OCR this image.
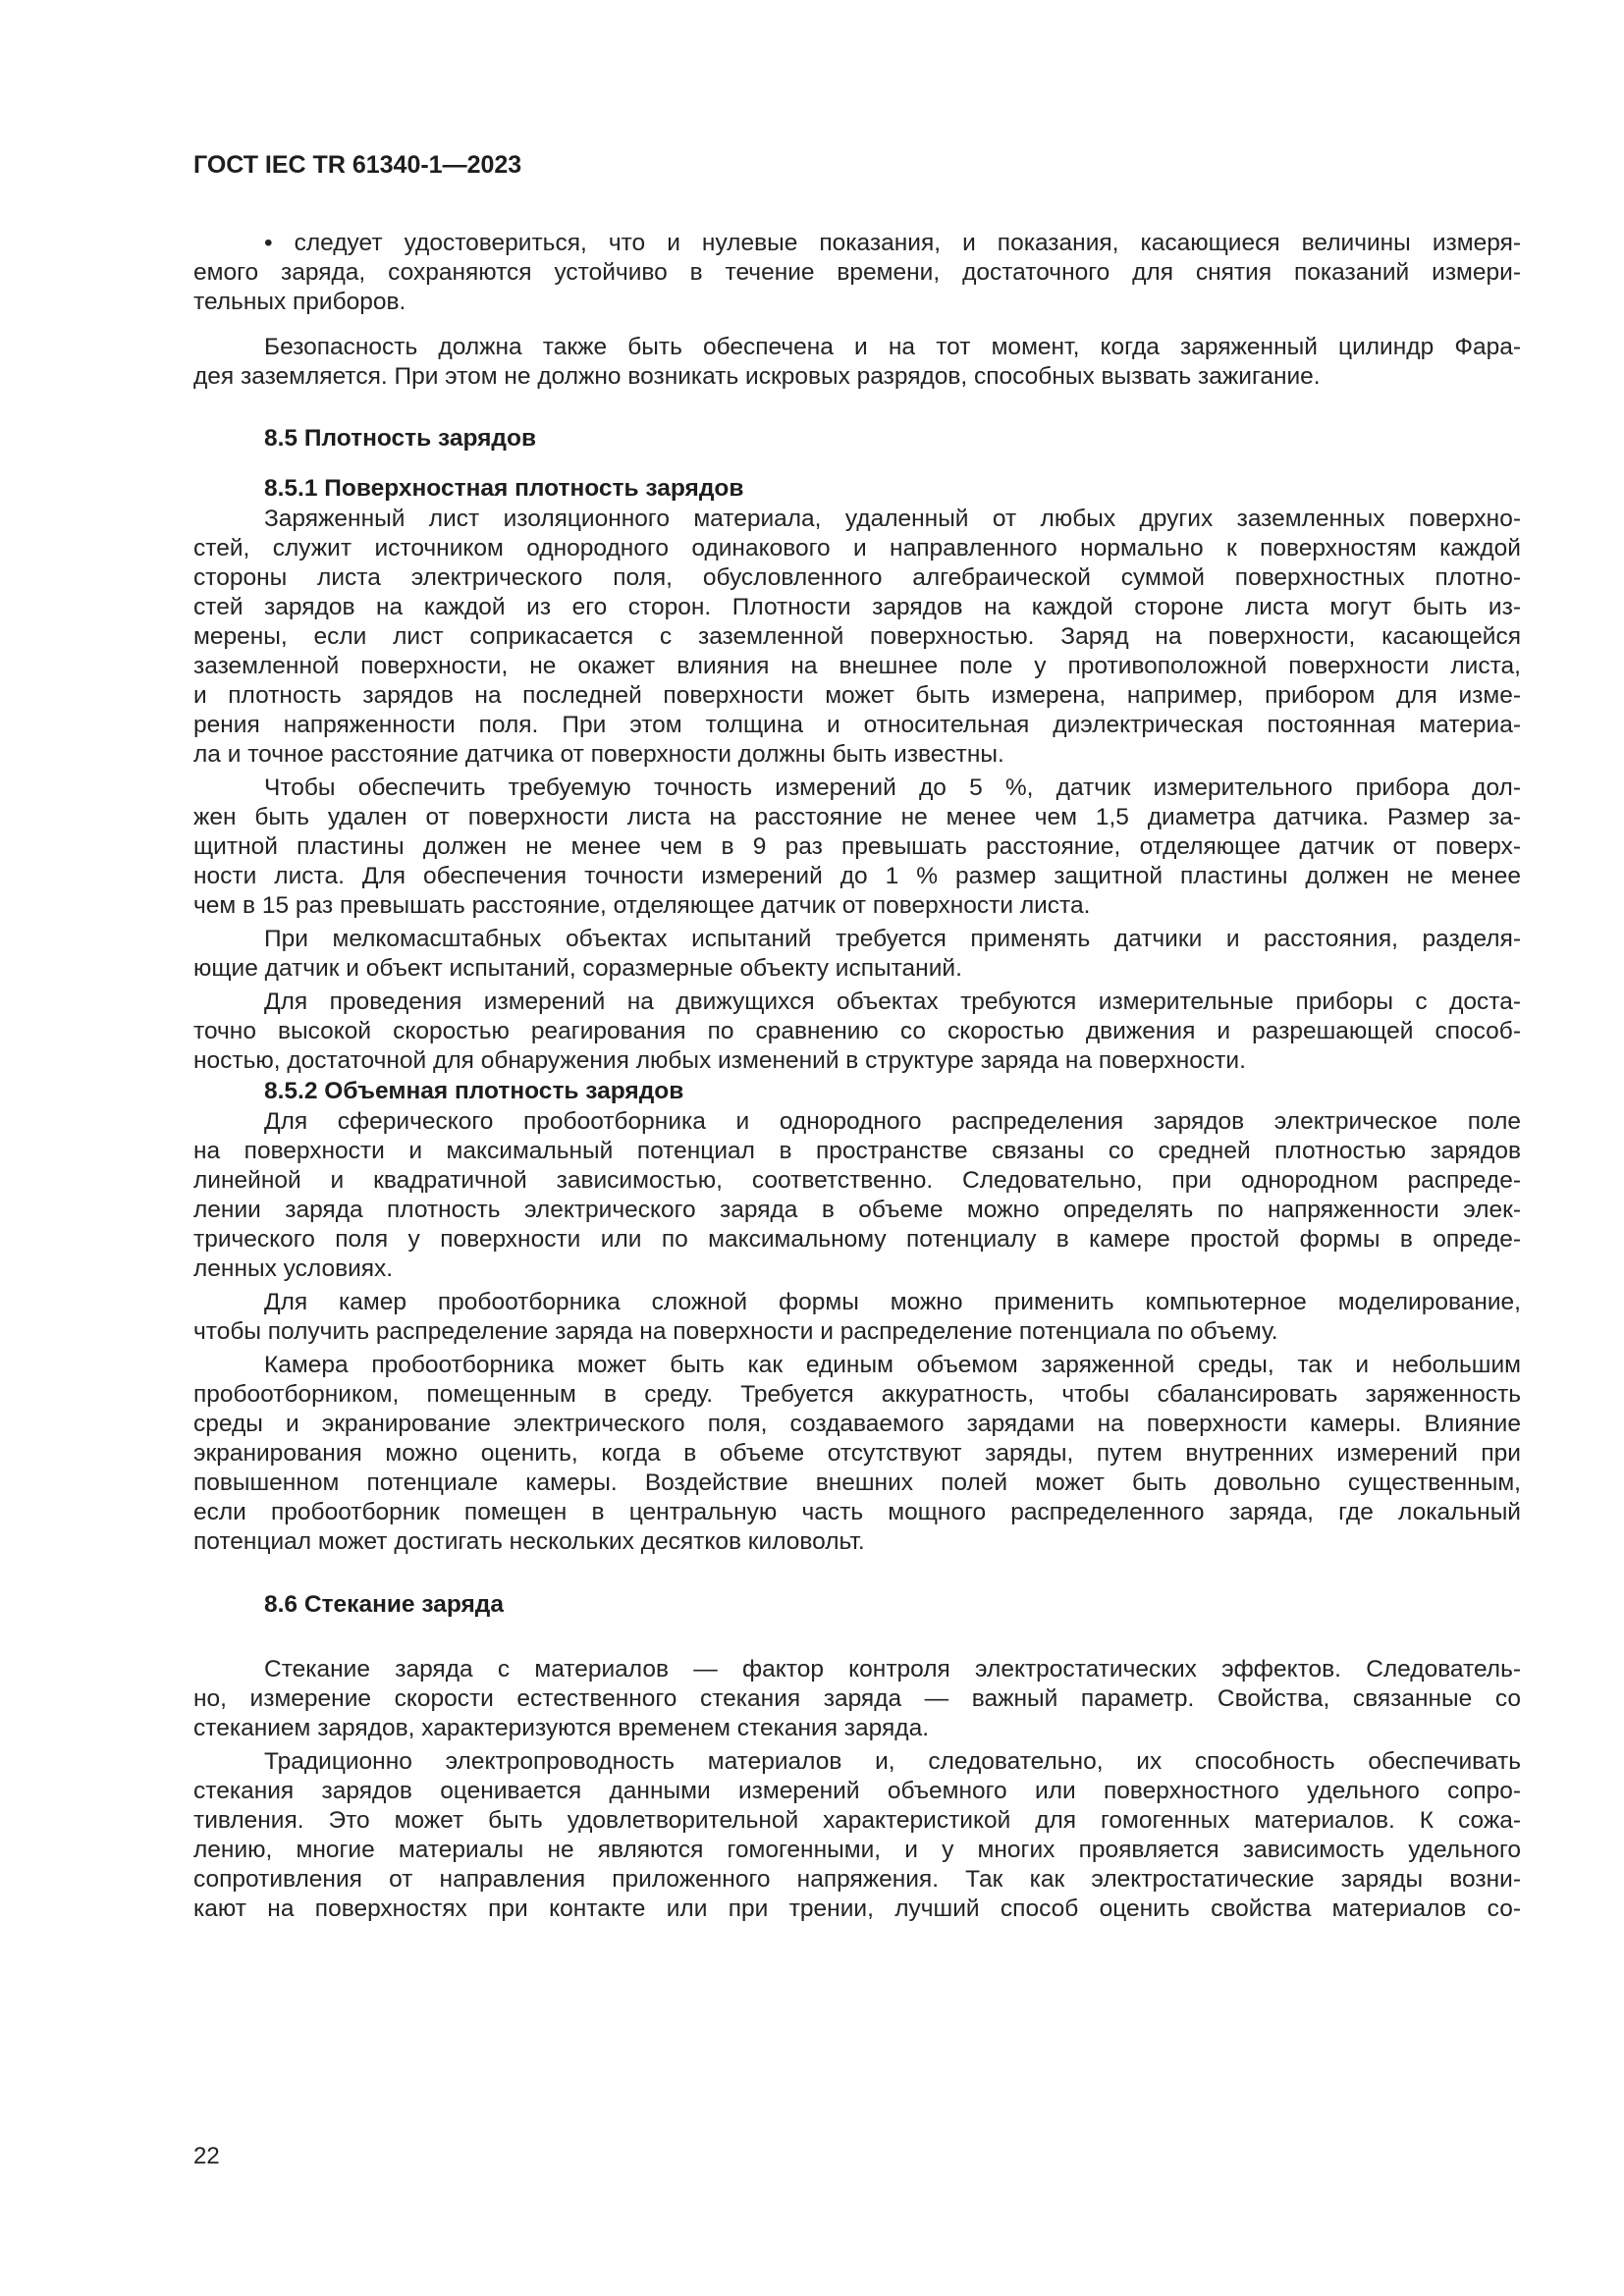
ГОСТ IEC TR 61340-1—2023
• следует удостовериться, что и нулевые показания, и показания, касающиеся величины измеря-
емого заряда, сохраняются устойчиво в течение времени, достаточного для снятия показаний измери-
тельных приборов.
Безопасность должна также быть обеспечена и на тот момент, когда заряженный цилиндр Фара-
дея заземляется. При этом не должно возникать искровых разрядов, способных вызвать зажигание.
8.5 Плотность зарядов
8.5.1 Поверхностная плотность зарядов
Заряженный лист изоляционного материала, удаленный от любых других заземленных поверхно-
стей, служит источником однородного одинакового и направленного нормально к поверхностям каждой
стороны листа электрического поля, обусловленного алгебраической суммой поверхностных плотно-
стей зарядов на каждой из его сторон. Плотности зарядов на каждой стороне листа могут быть из-
мерены, если лист соприкасается с заземленной поверхностью. Заряд на поверхности, касающейся
заземленной поверхности, не окажет влияния на внешнее поле у противоположной поверхности листа,
и плотность зарядов на последней поверхности может быть измерена, например, прибором для изме-
рения напряженности поля. При этом толщина и относительная диэлектрическая постоянная материа-
ла и точное расстояние датчика от поверхности должны быть известны.
Чтобы обеспечить требуемую точность измерений до 5 %, датчик измерительного прибора дол-
жен быть удален от поверхности листа на расстояние не менее чем 1,5 диаметра датчика. Размер за-
щитной пластины должен не менее чем в 9 раз превышать расстояние, отделяющее датчик от поверх-
ности листа. Для обеспечения точности измерений до 1 % размер защитной пластины должен не менее
чем в 15 раз превышать расстояние, отделяющее датчик от поверхности листа.
При мелкомасштабных объектах испытаний требуется применять датчики и расстояния, разделя-
ющие датчик и объект испытаний, соразмерные объекту испытаний.
Для проведения измерений на движущихся объектах требуются измерительные приборы с доста-
точно высокой скоростью реагирования по сравнению со скоростью движения и разрешающей способ-
ностью, достаточной для обнаружения любых изменений в структуре заряда на поверхности.
8.5.2 Объемная плотность зарядов
Для сферического пробоотборника и однородного распределения зарядов электрическое поле
на поверхности и максимальный потенциал в пространстве связаны со средней плотностью зарядов
линейной и квадратичной зависимостью, соответственно. Следовательно, при однородном распреде-
лении заряда плотность электрического заряда в объеме можно определять по напряженности элек-
трического поля у поверхности или по максимальному потенциалу в камере простой формы в опреде-
ленных условиях.
Для камер пробоотборника сложной формы можно применить компьютерное моделирование,
чтобы получить распределение заряда на поверхности и распределение потенциала по объему.
Камера пробоотборника может быть как единым объемом заряженной среды, так и небольшим
пробоотборником, помещенным в среду. Требуется аккуратность, чтобы сбалансировать заряженность
среды и экранирование электрического поля, создаваемого зарядами на поверхности камеры. Влияние
экранирования можно оценить, когда в объеме отсутствуют заряды, путем внутренних измерений при
повышенном потенциале камеры. Воздействие внешних полей может быть довольно существенным,
если пробоотборник помещен в центральную часть мощного распределенного заряда, где локальный
потенциал может достигать нескольких десятков киловольт.
8.6 Стекание заряда
Стекание заряда с материалов — фактор контроля электростатических эффектов. Следователь-
но, измерение скорости естественного стекания заряда — важный параметр. Свойства, связанные со
стеканием зарядов, характеризуются временем стекания заряда.
Традиционно электропроводность материалов и, следовательно, их способность обеспечивать
стекания зарядов оценивается данными измерений объемного или поверхностного удельного сопро-
тивления. Это может быть удовлетворительной характеристикой для гомогенных материалов. К сожа-
лению, многие материалы не являются гомогенными, и у многих проявляется зависимость удельного
сопротивления от направления приложенного напряжения. Так как электростатические заряды возни-
кают на поверхностях при контакте или при трении, лучший способ оценить свойства материалов со-
22
